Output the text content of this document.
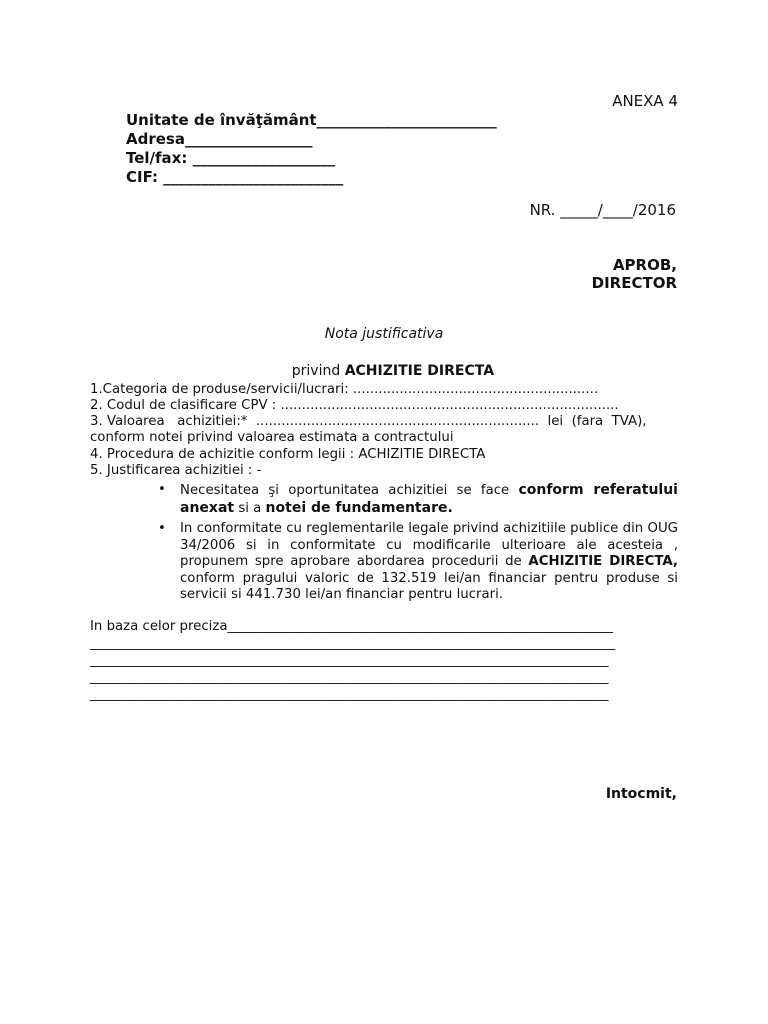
ANEXA 4
Unitate de învăţământ________________________
Adresa_________________
Tel/fax: ___________________
CIF: ________________________
NR. _____/____/2016
APROB,
DIRECTOR
Nota justificativa

privind ACHIZITIE DIRECTA

1.Categoria de produse/servicii/lucrari: ..........................................................
2. Codul de clasificare CPV : ................................................................................
3. Valoarea   achizitiei:*  ...................................................................  lei  (fara  TVA),
conform notei privind valoarea estimata a contractului
4. Procedura de achizitie conform legii : ACHIZITIE DIRECTA
5. Justificarea achizitiei : -
• Necesitatea şi oportunitatea achizitiei se face conform referatului anexat si a notei de fundamentare.
• In conformitate cu reglementarile legale privind achizitiile publice din OUG 34/2006 si in conformitate cu modificarile ulterioare ale acesteia , propunem spre aprobare abordarea procedurii de ACHIZITIE DIRECTA, conform pragului valoric de 132.519 lei/an financiar pentru produse si servicii si 441.730 lei/an financiar pentru lucrari.
In baza celor preciza__________________________________________________________
_______________________________________________________________________________
______________________________________________________________________________
______________________________________________________________________________
______________________________________________________________________________
Intocmit,
